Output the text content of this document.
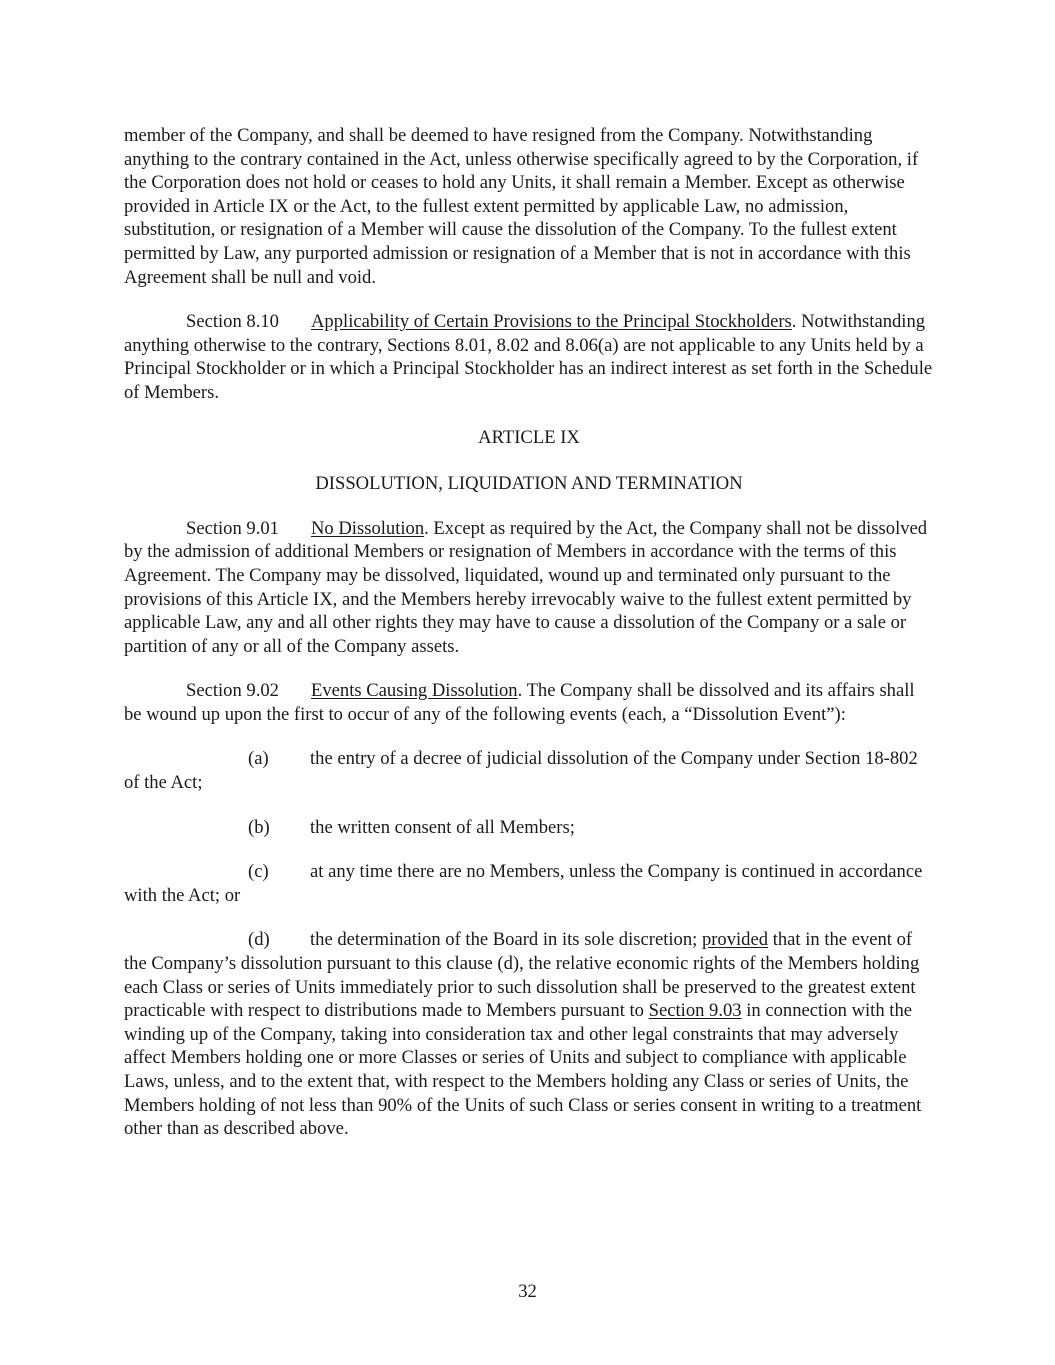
member of the Company, and shall be deemed to have resigned from the Company. Notwithstanding anything to the contrary contained in the Act, unless otherwise specifically agreed to by the Corporation, if the Corporation does not hold or ceases to hold any Units, it shall remain a Member. Except as otherwise provided in Article IX or the Act, to the fullest extent permitted by applicable Law, no admission, substitution, or resignation of a Member will cause the dissolution of the Company. To the fullest extent permitted by Law, any purported admission or resignation of a Member that is not in accordance with this Agreement shall be null and void.

Section 8.10 Applicability of Certain Provisions to the Principal Stockholders. Notwithstanding anything otherwise to the contrary, Sections 8.01, 8.02 and 8.06(a) are not applicable to any Units held by a Principal Stockholder or in which a Principal Stockholder has an indirect interest as set forth in the Schedule of Members.

ARTICLE IX

DISSOLUTION, LIQUIDATION AND TERMINATION

Section 9.01 No Dissolution. Except as required by the Act, the Company shall not be dissolved by the admission of additional Members or resignation of Members in accordance with the terms of this Agreement. The Company may be dissolved, liquidated, wound up and terminated only pursuant to the provisions of this Article IX, and the Members hereby irrevocably waive to the fullest extent permitted by applicable Law, any and all other rights they may have to cause a dissolution of the Company or a sale or partition of any or all of the Company assets.

Section 9.02 Events Causing Dissolution. The Company shall be dissolved and its affairs shall be wound up upon the first to occur of any of the following events (each, a “Dissolution Event”):

(a) the entry of a decree of judicial dissolution of the Company under Section 18-802 of the Act;

(b) the written consent of all Members;

(c) at any time there are no Members, unless the Company is continued in accordance with the Act; or

(d) the determination of the Board in its sole discretion; provided that in the event of the Company’s dissolution pursuant to this clause (d), the relative economic rights of the Members holding each Class or series of Units immediately prior to such dissolution shall be preserved to the greatest extent practicable with respect to distributions made to Members pursuant to Section 9.03 in connection with the winding up of the Company, taking into consideration tax and other legal constraints that may adversely affect Members holding one or more Classes or series of Units and subject to compliance with applicable Laws, unless, and to the extent that, with respect to the Members holding any Class or series of Units, the Members holding of not less than 90% of the Units of such Class or series consent in writing to a treatment other than as described above.

32
